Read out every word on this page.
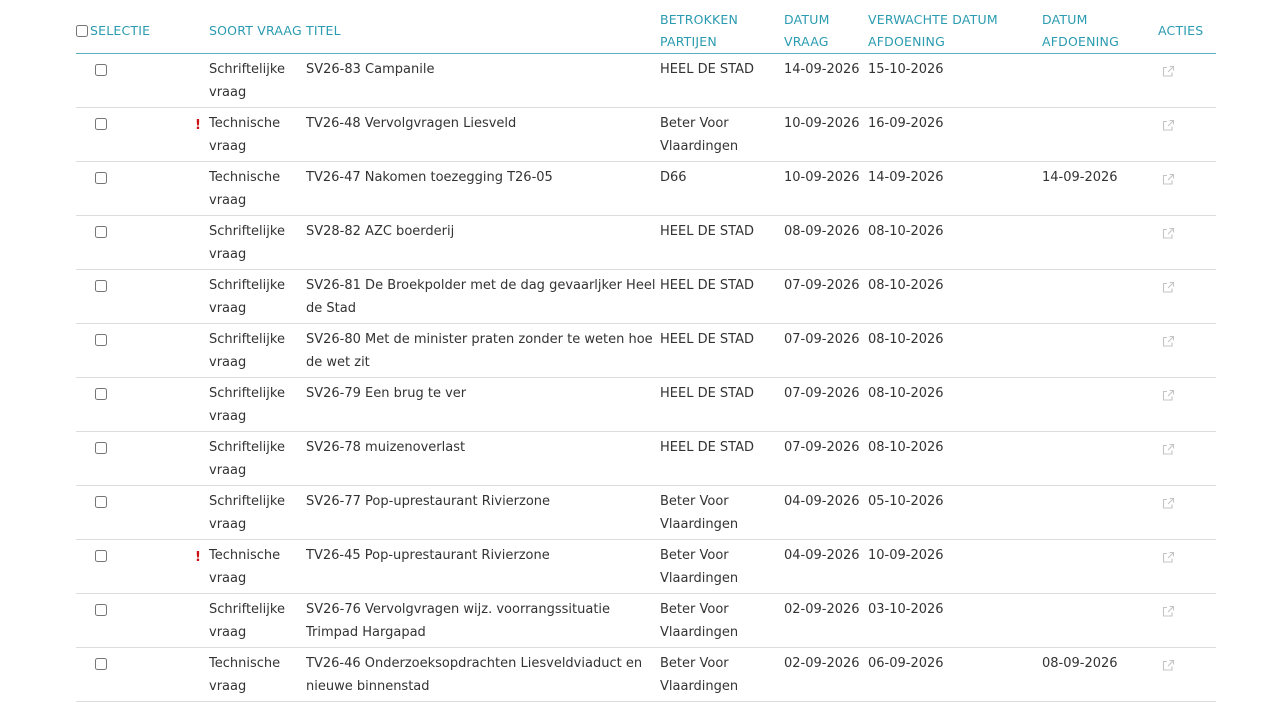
SELECTIE	SOORT VRAAG	TITEL	BETROKKEN PARTIJEN	DATUM VRAAG	VERWACHTE DATUM AFDOENING	DATUM AFDOENING	ACTIES

Schriftelijke vraag	SV26-83 Campanile	HEEL DE STAD	14-09-2026	15-10-2026		

! Technische vraag	TV26-48 Vervolgvragen Liesveld	Beter Voor Vlaardingen	10-09-2026	16-09-2026		

Technische vraag	TV26-47 Nakomen toezegging T26-05	D66	10-09-2026	14-09-2026	14-09-2026	

Schriftelijke vraag	SV28-82 AZC boerderij	HEEL DE STAD	08-09-2026	08-10-2026		

Schriftelijke vraag	SV26-81 De Broekpolder met de dag gevaarljker Heel de Stad	HEEL DE STAD	07-09-2026	08-10-2026		

Schriftelijke vraag	SV26-80 Met de minister praten zonder te weten hoe de wet zit	HEEL DE STAD	07-09-2026	08-10-2026		

Schriftelijke vraag	SV26-79 Een brug te ver	HEEL DE STAD	07-09-2026	08-10-2026		

Schriftelijke vraag	SV26-78 muizenoverlast	HEEL DE STAD	07-09-2026	08-10-2026		

Schriftelijke vraag	SV26-77 Pop-uprestaurant Rivierzone	Beter Voor Vlaardingen	04-09-2026	05-10-2026		

! Technische vraag	TV26-45 Pop-uprestaurant Rivierzone	Beter Voor Vlaardingen	04-09-2026	10-09-2026		

Schriftelijke vraag	SV26-76 Vervolgvragen wijz. voorrangssituatie Trimpad Hargapad	Beter Voor Vlaardingen	02-09-2026	03-10-2026		

Technische vraag	TV26-46 Onderzoeksopdrachten Liesveldviaduct en nieuwe binnenstad	Beter Voor Vlaardingen	02-09-2026	06-09-2026	08-09-2026	
